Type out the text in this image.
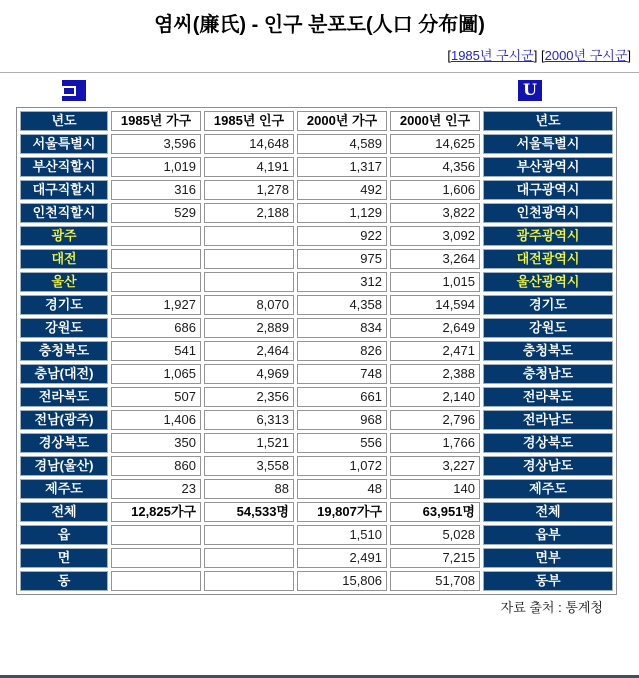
염씨(廉氏) - 인구 분포도(人口 分布圖)
[1985년 구시군] [2000년 구시군]
U
년도	1985년 가구	1985년 인구	2000년 가구	2000년 인구	년도
서울특별시	3,596	14,648	4,589	14,625	서울특별시
부산직할시	1,019	4,191	1,317	4,356	부산광역시
대구직할시	316	1,278	492	1,606	대구광역시
인천직할시	529	2,188	1,129	3,822	인천광역시
광주			922	3,092	광주광역시
대전			975	3,264	대전광역시
울산			312	1,015	울산광역시
경기도	1,927	8,070	4,358	14,594	경기도
강원도	686	2,889	834	2,649	강원도
충청북도	541	2,464	826	2,471	충청북도
충남(대전)	1,065	4,969	748	2,388	충청남도
전라북도	507	2,356	661	2,140	전라북도
전남(광주)	1,406	6,313	968	2,796	전라남도
경상북도	350	1,521	556	1,766	경상북도
경남(울산)	860	3,558	1,072	3,227	경상남도
제주도	23	88	48	140	제주도
전체	12,825가구	54,533명	19,807가구	63,951명	전체
읍			1,510	5,028	읍부
면			2,491	7,215	면부
동			15,806	51,708	동부
자료 출처 : 통계청
